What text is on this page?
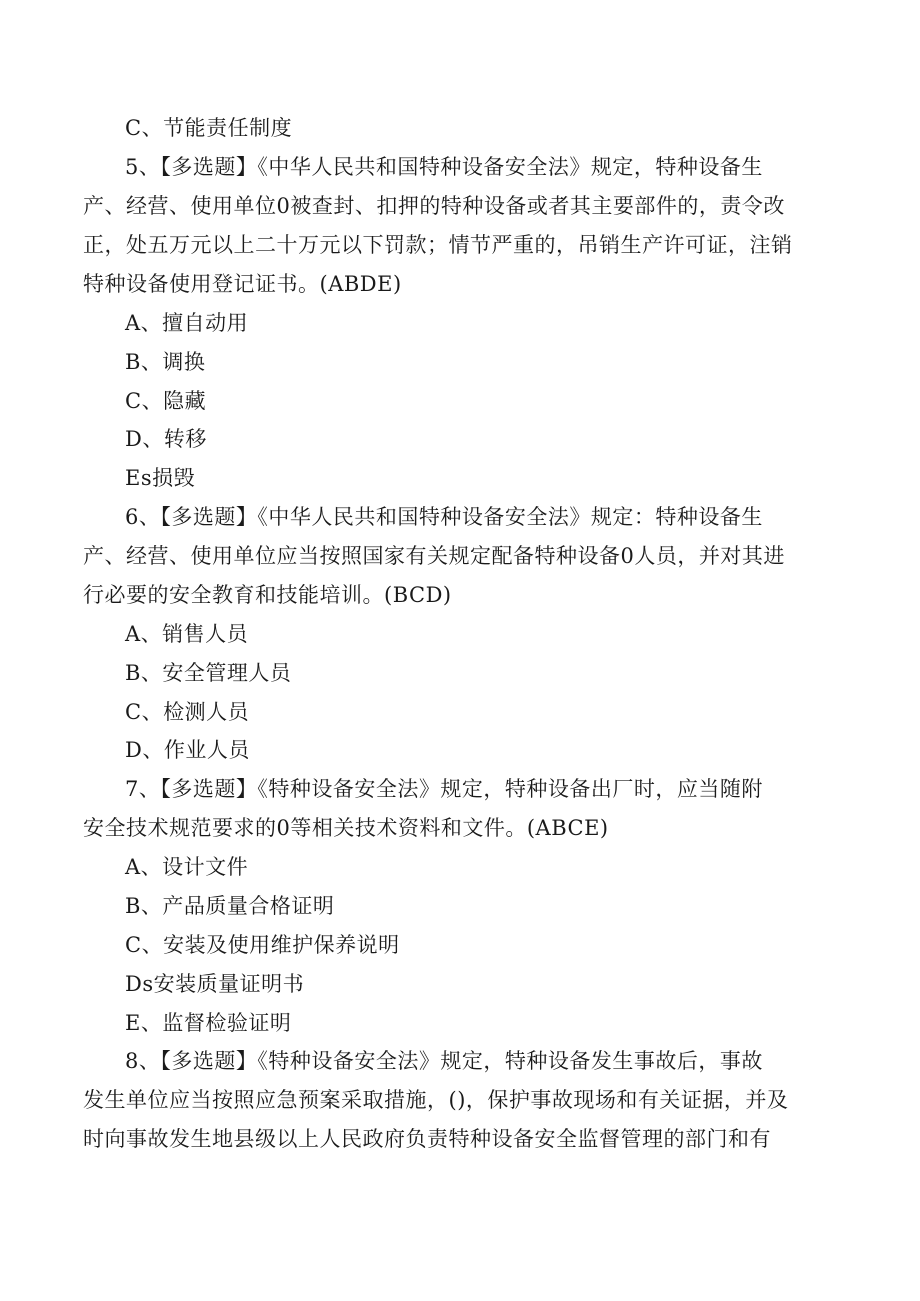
C、节能责任制度
5、【多选题】《中华人民共和国特种设备安全法》规定，特种设备生
产、经营、使用单位0被查封、扣押的特种设备或者其主要部件的，责令改
正，处五万元以上二十万元以下罚款；情节严重的，吊销生产许可证，注销
特种设备使用登记证书。(ABDE)
A、擅自动用
B、调换
C、隐藏
D、转移
Es损毁
6、【多选题】《中华人民共和国特种设备安全法》规定：特种设备生
产、经营、使用单位应当按照国家有关规定配备特种设备0人员，并对其进
行必要的安全教育和技能培训。(BCD)
A、销售人员
B、安全管理人员
C、检测人员
D、作业人员
7、【多选题】《特种设备安全法》规定，特种设备出厂时，应当随附
安全技术规范要求的0等相关技术资料和文件。(ABCE)
A、设计文件
B、产品质量合格证明
C、安装及使用维护保养说明
Ds安装质量证明书
E、监督检验证明
8、【多选题】《特种设备安全法》规定，特种设备发生事故后，事故
发生单位应当按照应急预案采取措施，()，保护事故现场和有关证据，并及
时向事故发生地县级以上人民政府负责特种设备安全监督管理的部门和有
